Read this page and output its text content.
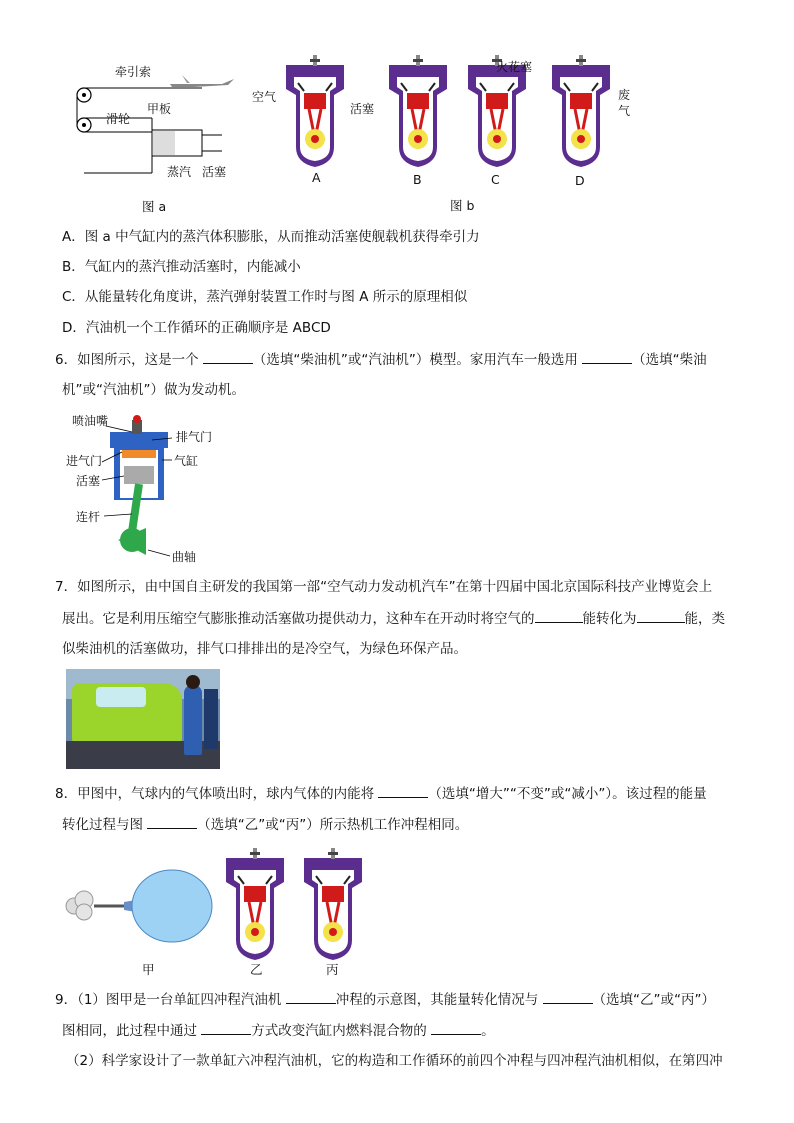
牵引索
甲板
滑轮
蒸汽 活塞
图 a
空气
活塞
火花塞
废
气
A	B	C	D
图 b
A．图 a 中气缸内的蒸汽体积膨胀，从而推动活塞使舰载机获得牵引力
B．气缸内的蒸汽推动活塞时，内能减小
C．从能量转化角度讲，蒸汽弹射装置工作时与图 A 所示的原理相似
D．汽油机一个工作循环的正确顺序是 ABCD
6．如图所示，这是一个	（选填“柴油机”或“汽油机”）模型。家用汽车一般选用	（选填“柴油
机”或“汽油机”）做为发动机。
喷油嘴
排气门
进气门	气缸
活塞
连杆
曲轴
7．如图所示，由中国自主研发的我国第一部“空气动力发动机汽车”在第十四届中国北京国际科技产业博览会上
展出。它是利用压缩空气膨胀推动活塞做功提供动力，这种车在开动时将空气的	能转化为	能，类
似柴油机的活塞做功，排气口排排出的是冷空气，为绿色环保产品。
8．甲图中，气球内的气体喷出时，球内气体的内能将	（选填“增大”“不变”或“减小”）。该过程的能量
转化过程与图	（选填“乙”或“丙”）所示热机工作冲程相同。
甲	乙	丙
9．（1）图甲是一台单缸四冲程汽油机	冲程的示意图，其能量转化情况与	（选填“乙”或“丙”）
图相同，此过程中通过	方式改变汽缸内燃料混合物的	。
（2）科学家设计了一款单缸六冲程汽油机，它的构造和工作循环的前四个冲程与四冲程汽油机相似，在第四冲
